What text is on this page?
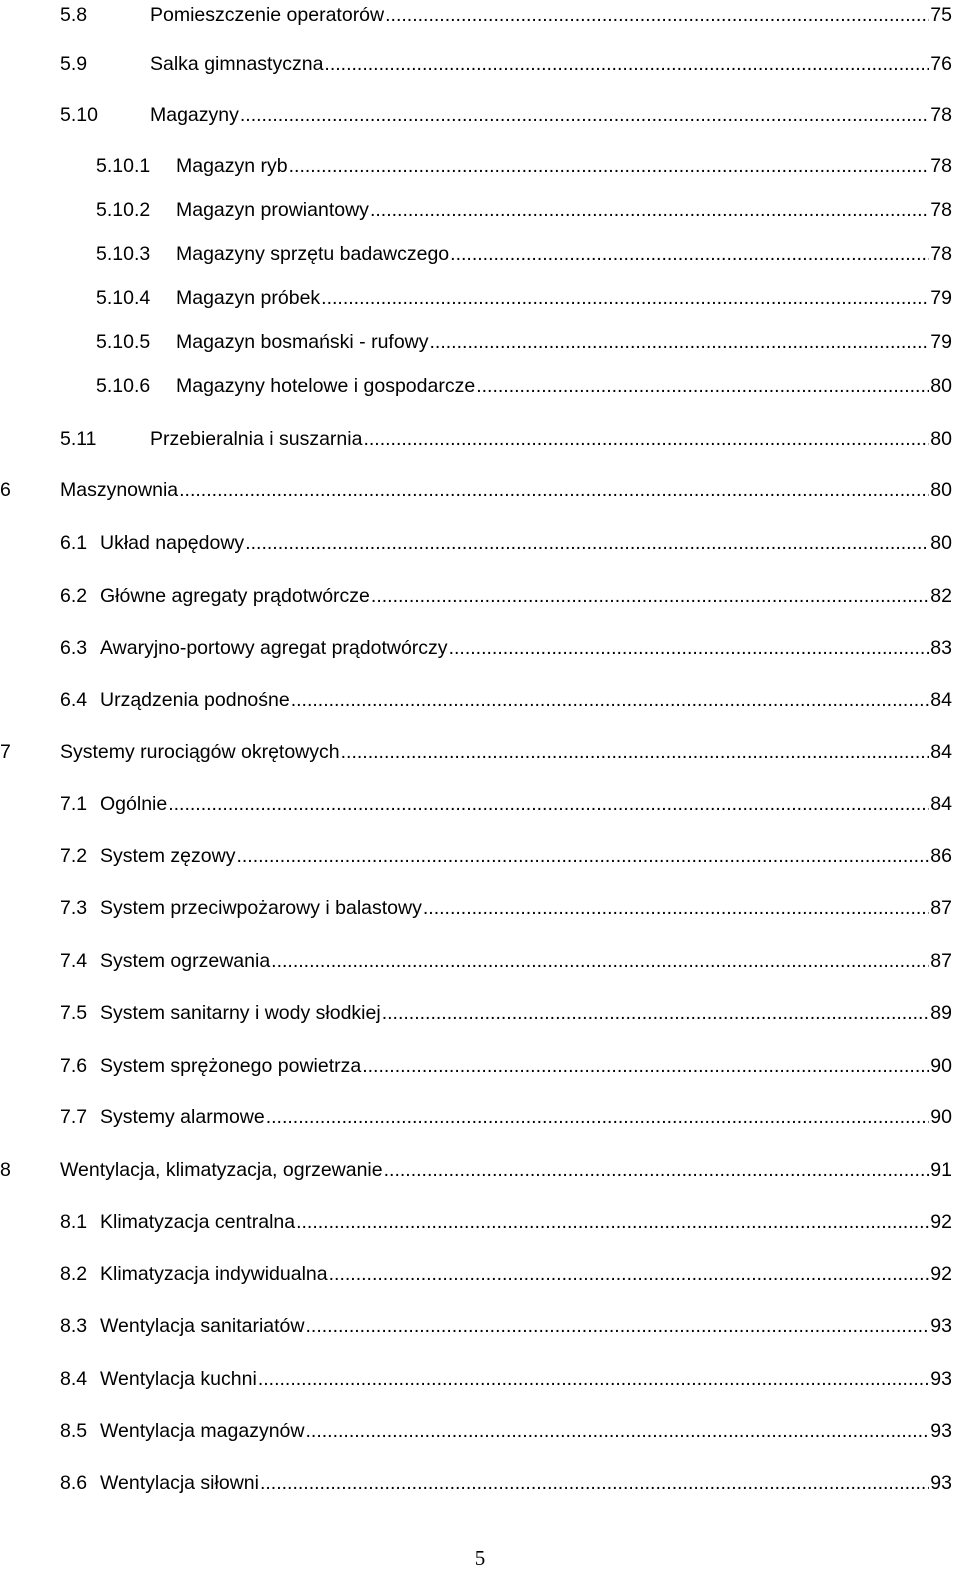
5.8	Pomieszczenie operatorów .....	75
5.9	Salka gimnastyczna .....	76
5.10	Magazyny .....	78
5.10.1	Magazyn ryb .....	78
5.10.2	Magazyn prowiantowy .....	78
5.10.3	Magazyny sprzętu badawczego .....	78
5.10.4	Magazyn próbek .....	79
5.10.5	Magazyn bosmański - rufowy .....	79
5.10.6	Magazyny hotelowe i gospodarcze .....	80
5.11	Przebieralnia i suszarnia .....	80
6	Maszynownia .....	80
6.1 Układ napędowy .....	80
6.2 Główne agregaty prądotwórcze .....	82
6.3 Awaryjno-portowy agregat prądotwórczy .....	83
6.4 Urządzenia podnośne .....	84
7	Systemy rurociągów okrętowych .....	84
7.1 Ogólnie .....	84
7.2 System zęzowy .....	86
7.3 System przeciwpożarowy i balastowy .....	87
7.4 System ogrzewania .....	87
7.5 System sanitarny i wody słodkiej .....	89
7.6 System sprężonego powietrza .....	90
7.7 Systemy alarmowe .....	90
8	Wentylacja, klimatyzacja, ogrzewanie .....	91
8.1 Klimatyzacja centralna .....	92
8.2 Klimatyzacja indywidualna .....	92
8.3 Wentylacja sanitariatów .....	93
8.4 Wentylacja kuchni .....	93
8.5 Wentylacja magazynów .....	93
8.6 Wentylacja siłowni .....	93
5
